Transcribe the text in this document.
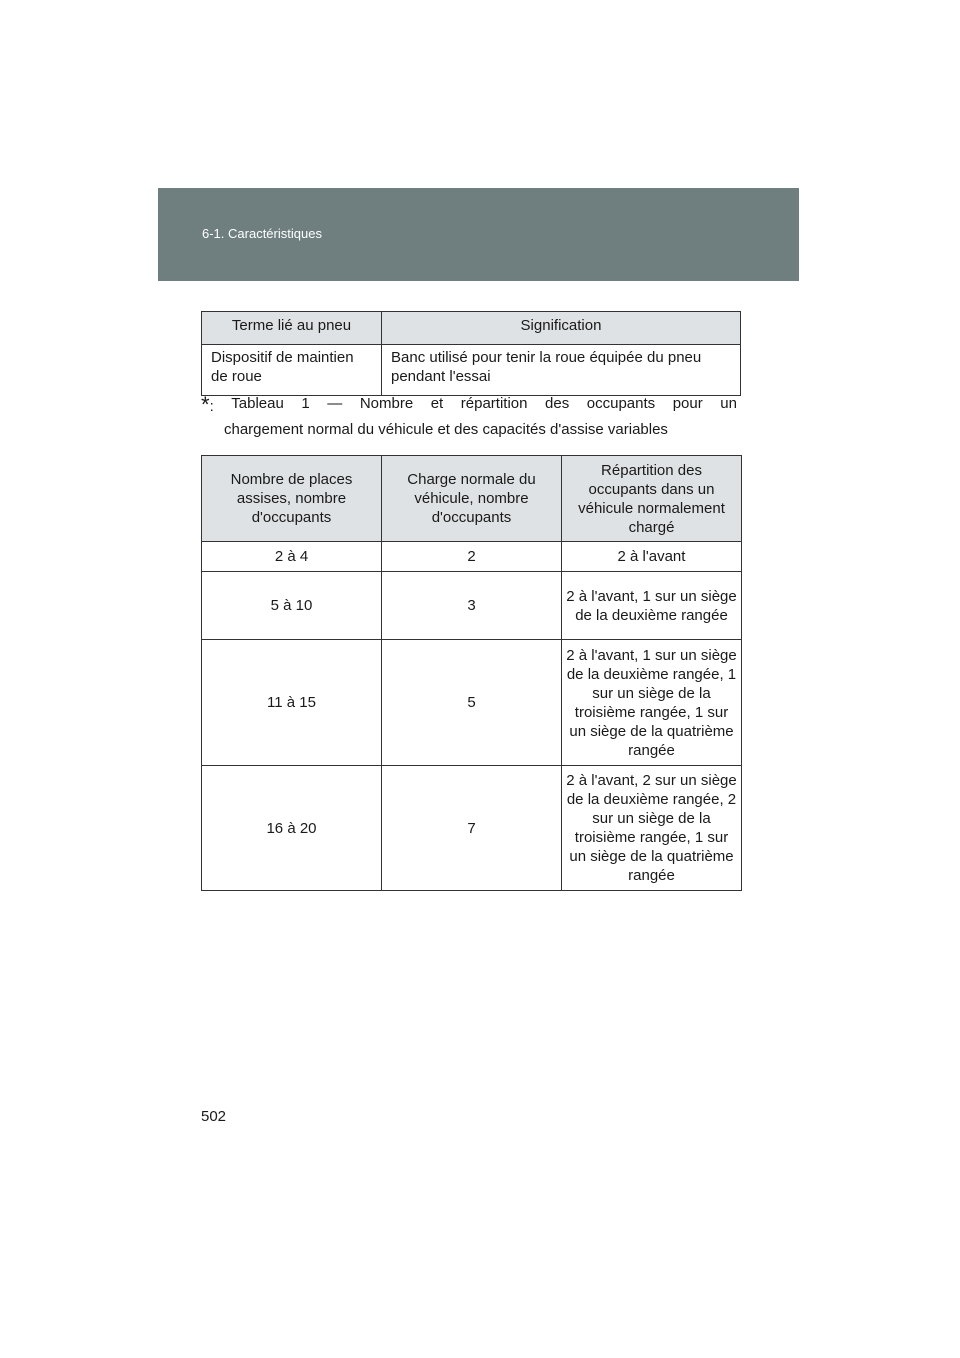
6-1. Caractéristiques
Terme lié au pneu	Signification
Dispositif de maintien de roue	Banc utilisé pour tenir la roue équipée du pneu pendant l'essai
*: Tableau 1 — Nombre et répartition des occupants pour un
chargement normal du véhicule et des capacités d'assise variables
Nombre de places assises, nombre d'occupants	Charge normale du véhicule, nombre d'occupants	Répartition des occupants dans un véhicule normalement chargé
2 à 4	2	2 à l'avant
5 à 10	3	2 à l'avant, 1 sur un siège de la deuxième rangée
11 à 15	5	2 à l'avant, 1 sur un siège de la deuxième rangée, 1 sur un siège de la troisième rangée, 1 sur un siège de la quatrième rangée
16 à 20	7	2 à l'avant, 2 sur un siège de la deuxième rangée, 2 sur un siège de la troisième rangée, 1 sur un siège de la quatrième rangée
502
